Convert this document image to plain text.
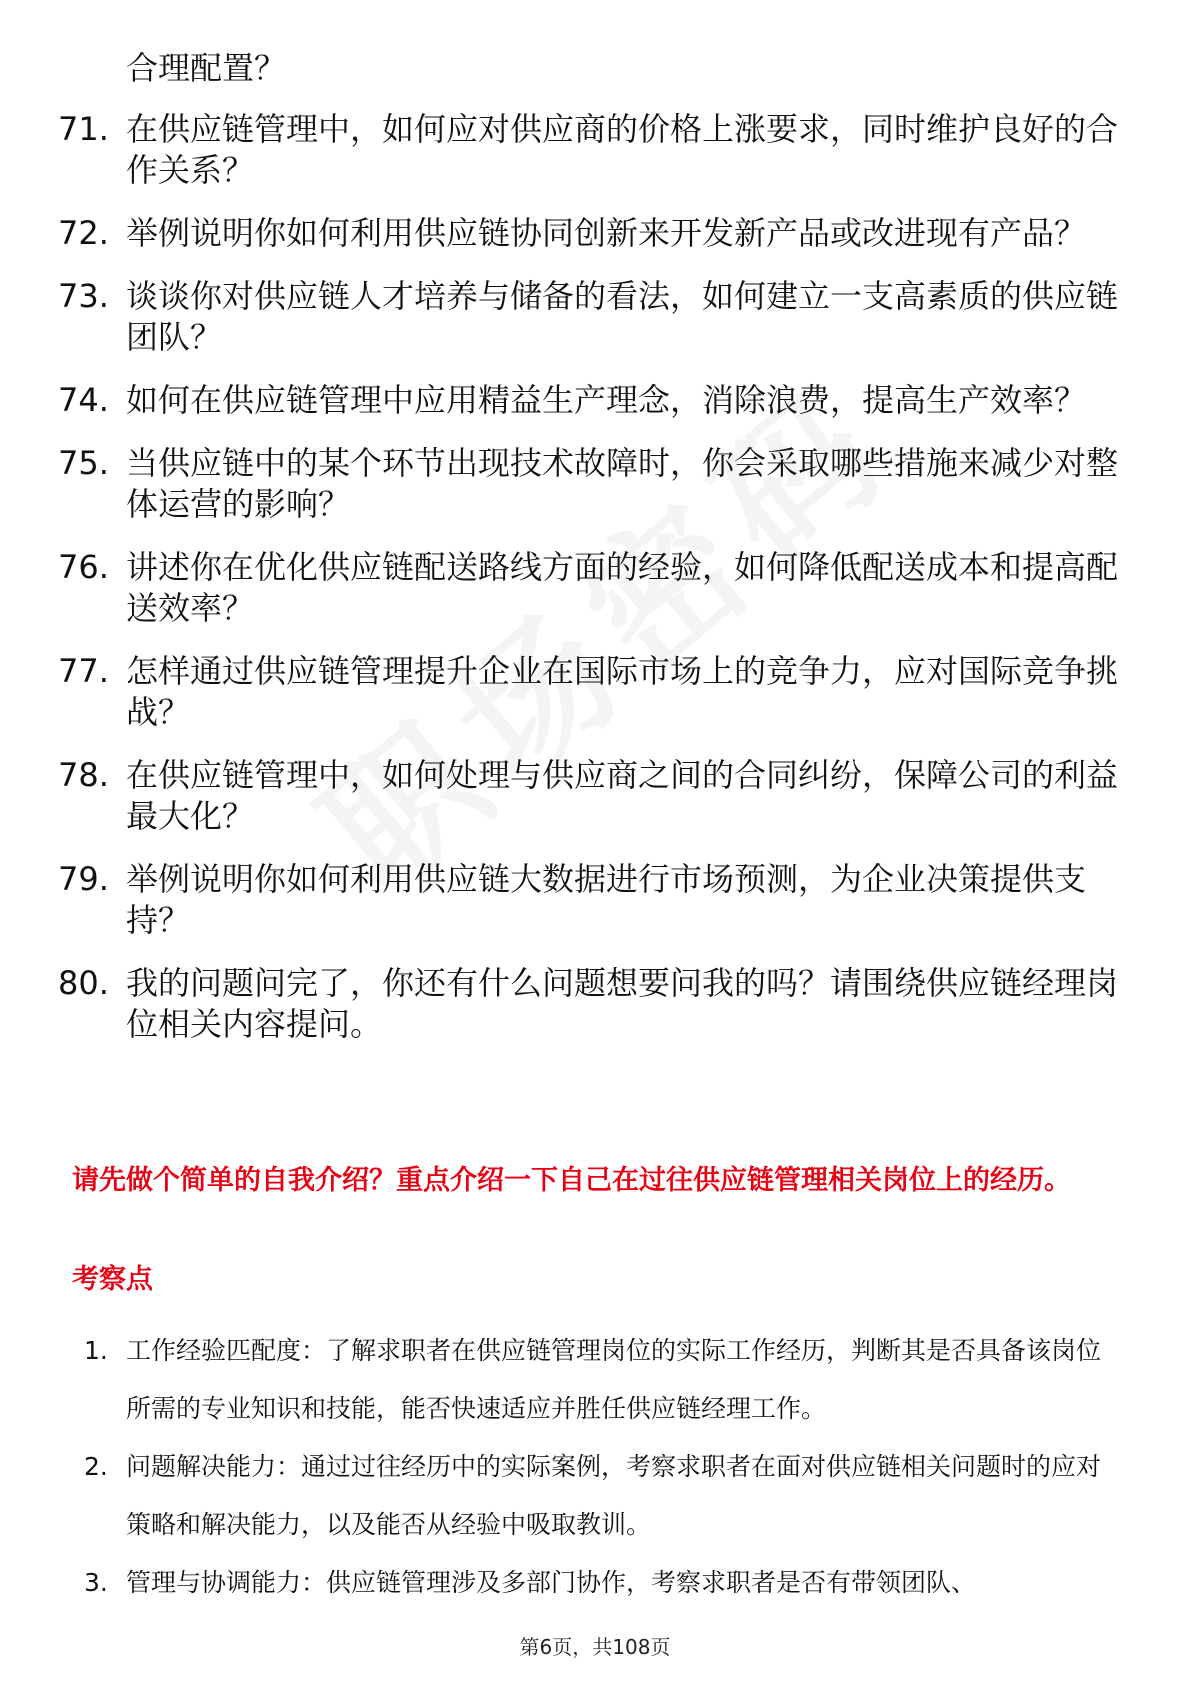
合理配置？
71. 在供应链管理中，如何应对供应商的价格上涨要求，同时维护良好的合作关系？
72. 举例说明你如何利用供应链协同创新来开发新产品或改进现有产品？
73. 谈谈你对供应链人才培养与储备的看法，如何建立一支高素质的供应链团队？
74. 如何在供应链管理中应用精益生产理念，消除浪费，提高生产效率？
75. 当供应链中的某个环节出现技术故障时，你会采取哪些措施来减少对整体运营的影响？
76. 讲述你在优化供应链配送路线方面的经验，如何降低配送成本和提高配送效率？
77. 怎样通过供应链管理提升企业在国际市场上的竞争力，应对国际竞争挑战？
78. 在供应链管理中，如何处理与供应商之间的合同纠纷，保障公司的利益最大化？
79. 举例说明你如何利用供应链大数据进行市场预测，为企业决策提供支持？
80. 我的问题问完了，你还有什么问题想要问我的吗？请围绕供应链经理岗位相关内容提问。
请先做个简单的自我介绍？重点介绍一下自己在过往供应链管理相关岗位上的经历。
考察点
1. 工作经验匹配度：了解求职者在供应链管理岗位的实际工作经历，判断其是否具备该岗位所需的专业知识和技能，能否快速适应并胜任供应链经理工作。
2. 问题解决能力：通过过往经历中的实际案例，考察求职者在面对供应链相关问题时的应对策略和解决能力，以及能否从经验中吸取教训。
3. 管理与协调能力：供应链管理涉及多部门协作，考察求职者是否有带领团队、
第6页，共108页
